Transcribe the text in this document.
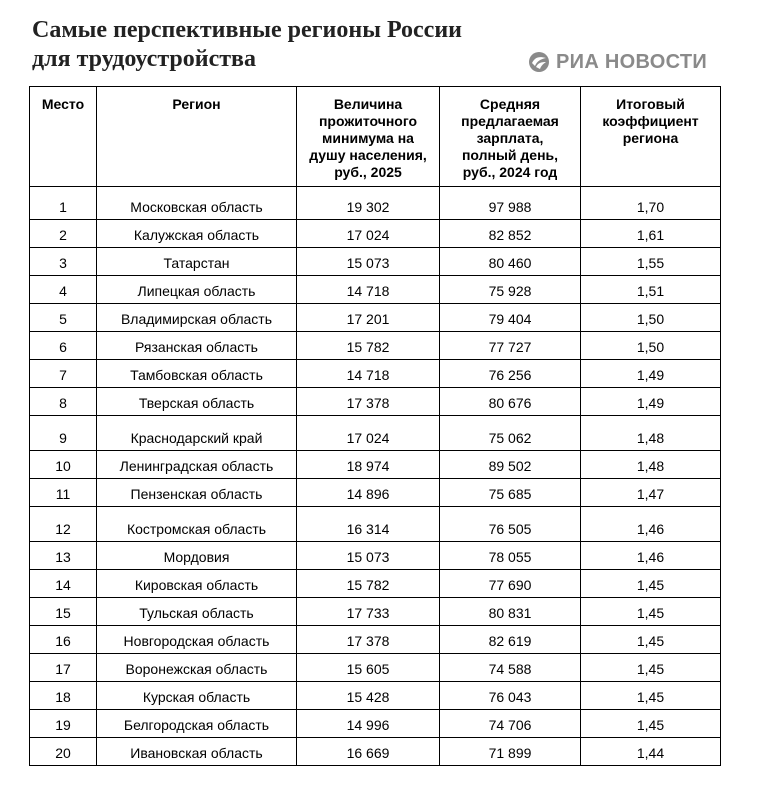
Самые перспективные регионы России
для трудоустройства	РИА НОВОСТИ
Место	Регион	Величина прожиточного минимума на душу населения, руб., 2025	Средняя предлагаемая зарплата, полный день, руб., 2024 год	Итоговый коэффициент региона
1	Московская область	19 302	97 988	1,70
2	Калужская область	17 024	82 852	1,61
3	Татарстан	15 073	80 460	1,55
4	Липецкая область	14 718	75 928	1,51
5	Владимирская область	17 201	79 404	1,50
6	Рязанская область	15 782	77 727	1,50
7	Тамбовская область	14 718	76 256	1,49
8	Тверская область	17 378	80 676	1,49
9	Краснодарский край	17 024	75 062	1,48
10	Ленинградская область	18 974	89 502	1,48
11	Пензенская область	14 896	75 685	1,47
12	Костромская область	16 314	76 505	1,46
13	Мордовия	15 073	78 055	1,46
14	Кировская область	15 782	77 690	1,45
15	Тульская область	17 733	80 831	1,45
16	Новгородская область	17 378	82 619	1,45
17	Воронежская область	15 605	74 588	1,45
18	Курская область	15 428	76 043	1,45
19	Белгородская область	14 996	74 706	1,45
20	Ивановская область	16 669	71 899	1,44
